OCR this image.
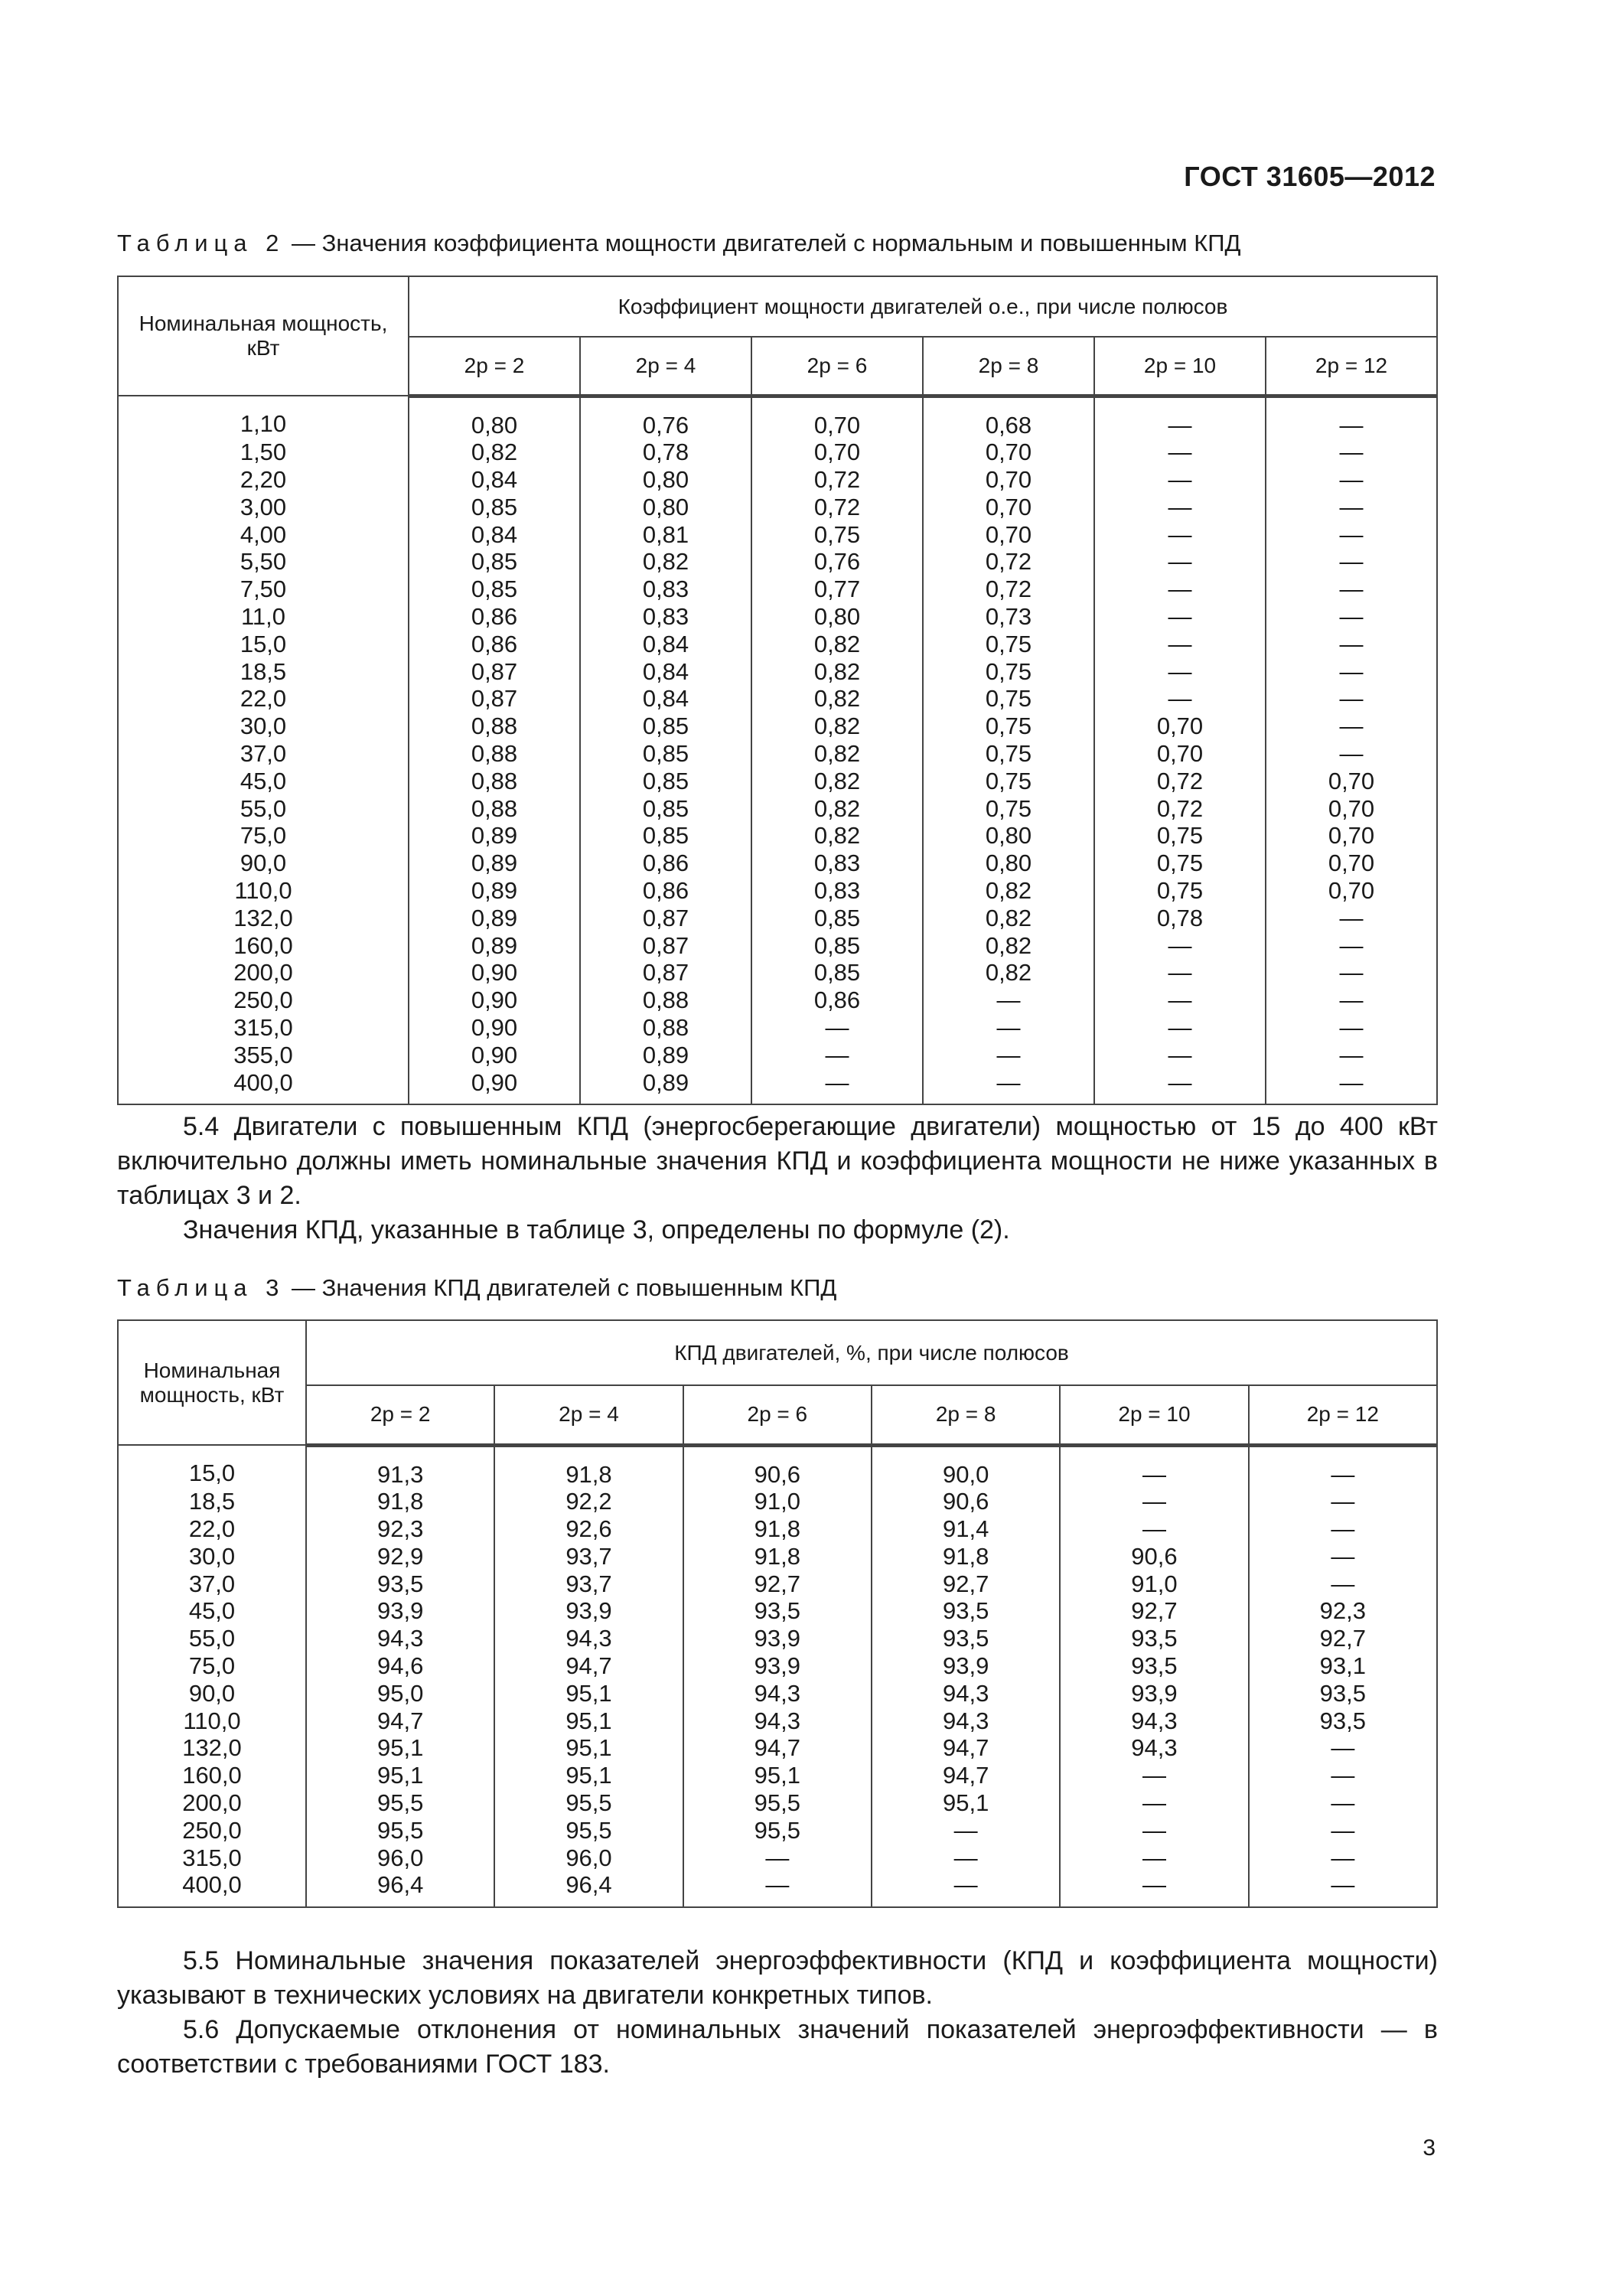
ГОСТ 31605—2012
Таблица 2 — Значения коэффициента мощности двигателей с нормальным и повышенным КПД
Номинальная мощность, кВт	Коэффициент мощности двигателей о.е., при числе полюсов					
	2p = 2	2p = 4	2p = 6	2p = 8	2p = 10	2p = 12
1,10	0,80	0,76	0,70	0,68	—	—
1,50	0,82	0,78	0,70	0,70	—	—
2,20	0,84	0,80	0,72	0,70	—	—
3,00	0,85	0,80	0,72	0,70	—	—
4,00	0,84	0,81	0,75	0,70	—	—
5,50	0,85	0,82	0,76	0,72	—	—
7,50	0,85	0,83	0,77	0,72	—	—
11,0	0,86	0,83	0,80	0,73	—	—
15,0	0,86	0,84	0,82	0,75	—	—
18,5	0,87	0,84	0,82	0,75	—	—
22,0	0,87	0,84	0,82	0,75	—	—
30,0	0,88	0,85	0,82	0,75	0,70	—
37,0	0,88	0,85	0,82	0,75	0,70	—
45,0	0,88	0,85	0,82	0,75	0,72	0,70
55,0	0,88	0,85	0,82	0,75	0,72	0,70
75,0	0,89	0,85	0,82	0,80	0,75	0,70
90,0	0,89	0,86	0,83	0,80	0,75	0,70
110,0	0,89	0,86	0,83	0,82	0,75	0,70
132,0	0,89	0,87	0,85	0,82	0,78	—
160,0	0,89	0,87	0,85	0,82	—	—
200,0	0,90	0,87	0,85	0,82	—	—
250,0	0,90	0,88	0,86	—	—	—
315,0	0,90	0,88	—	—	—	—
355,0	0,90	0,89	—	—	—	—
400,0	0,90	0,89	—	—	—	—
5.4 Двигатели с повышенным КПД (энергосберегающие двигатели) мощностью от 15 до 400 кВт включительно должны иметь номинальные значения КПД и коэффициента мощности не ниже указанных в таблицах 3 и 2.
Значения КПД, указанные в таблице 3, определены по формуле (2).
Таблица 3 — Значения КПД двигателей с повышенным КПД
Номинальная мощность, кВт	КПД двигателей, %, при числе полюсов					
	2p = 2	2p = 4	2p = 6	2p = 8	2p = 10	2p = 12
15,0	91,3	91,8	90,6	90,0	—	—
18,5	91,8	92,2	91,0	90,6	—	—
22,0	92,3	92,6	91,8	91,4	—	—
30,0	92,9	93,7	91,8	91,8	90,6	—
37,0	93,5	93,7	92,7	92,7	91,0	—
45,0	93,9	93,9	93,5	93,5	92,7	92,3
55,0	94,3	94,3	93,9	93,5	93,5	92,7
75,0	94,6	94,7	93,9	93,9	93,5	93,1
90,0	95,0	95,1	94,3	94,3	93,9	93,5
110,0	94,7	95,1	94,3	94,3	94,3	93,5
132,0	95,1	95,1	94,7	94,7	94,3	—
160,0	95,1	95,1	95,1	94,7	—	—
200,0	95,5	95,5	95,5	95,1	—	—
250,0	95,5	95,5	95,5	—	—	—
315,0	96,0	96,0	—	—	—	—
400,0	96,4	96,4	—	—	—	—
5.5 Номинальные значения показателей энергоэффективности (КПД и коэффициента мощности) указывают в технических условиях на двигатели конкретных типов.
5.6 Допускаемые отклонения от номинальных значений показателей энергоэффективности — в соответствии с требованиями ГОСТ 183.
3
